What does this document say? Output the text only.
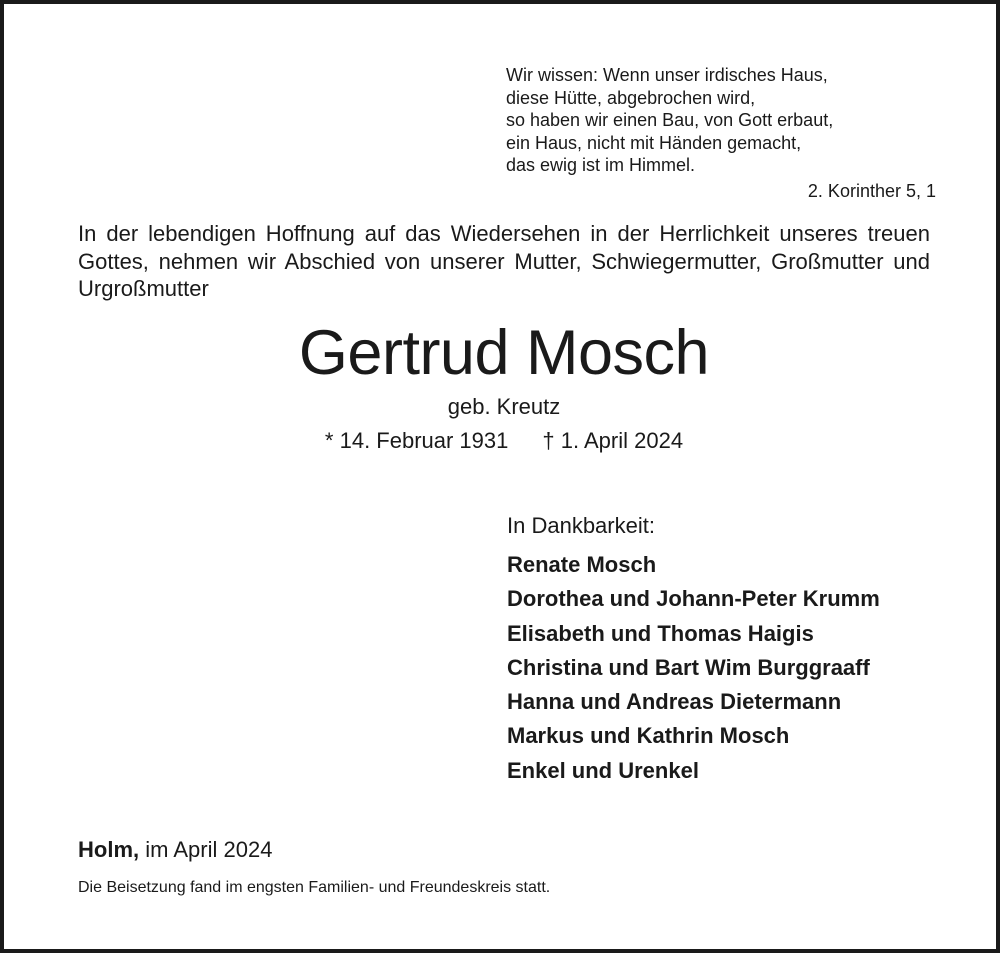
Wir wissen: Wenn unser irdisches Haus,
diese Hütte, abgebrochen wird,
so haben wir einen Bau, von Gott erbaut,
ein Haus, nicht mit Händen gemacht,
das ewig ist im Himmel.
2. Korinther 5, 1
In der lebendigen Hoffnung auf das Wiedersehen in der Herrlichkeit unseres treuen Gottes, nehmen wir Abschied von unserer Mutter, Schwiegermutter, Großmutter und Urgroßmutter
Gertrud Mosch
geb. Kreutz
* 14. Februar 1931 † 1. April 2024
In Dankbarkeit:
Renate Mosch
Dorothea und Johann-Peter Krumm
Elisabeth und Thomas Haigis
Christina und Bart Wim Burggraaff
Hanna und Andreas Dietermann
Markus und Kathrin Mosch
Enkel und Urenkel
Holm, im April 2024
Die Beisetzung fand im engsten Familien- und Freundeskreis statt.
